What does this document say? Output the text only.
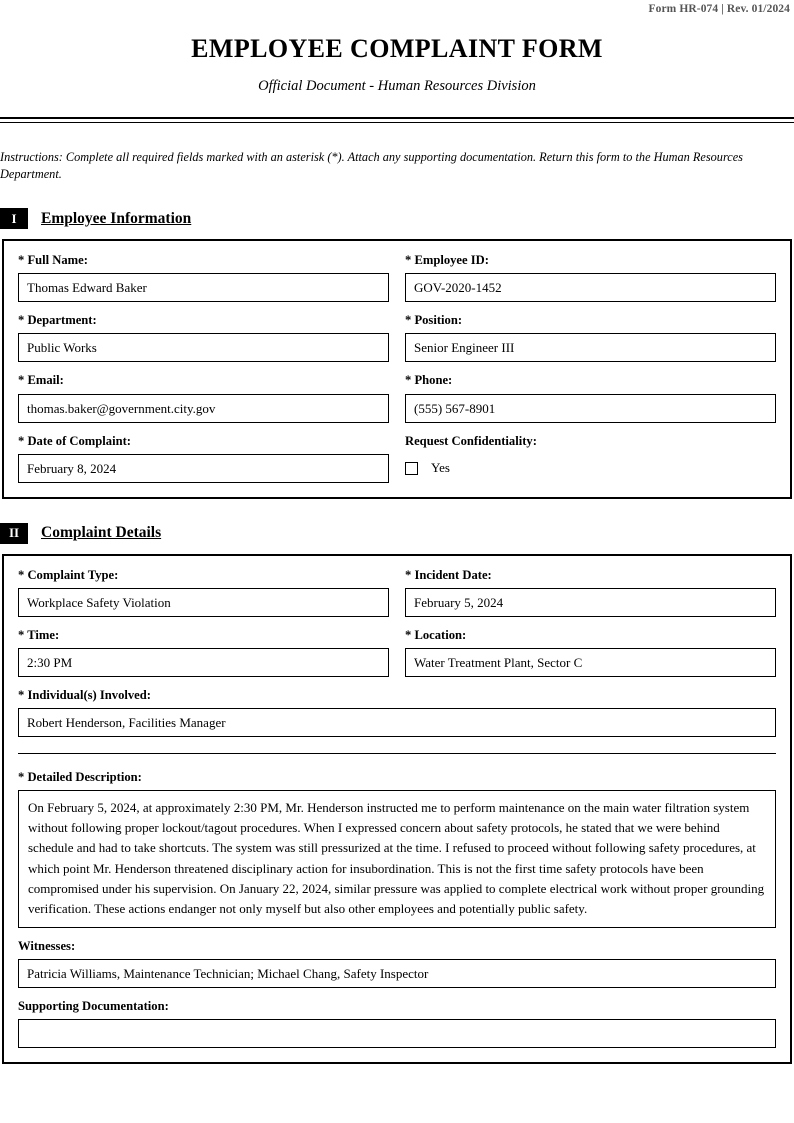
Form HR-074 | Rev. 01/2024
EMPLOYEE COMPLAINT FORM
Official Document - Human Resources Division
Instructions: Complete all required fields marked with an asterisk (*). Attach any supporting documentation. Return this form to the Human Resources Department.
I	Employee Information
* Full Name:
Thomas Edward Baker
* Department:
Public Works
* Email:
thomas.baker@government.city.gov
* Date of Complaint:
February 8, 2024
* Employee ID:
GOV-2020-1452
* Position:
Senior Engineer III
* Phone:
(555) 567-8901
Request Confidentiality:
Yes
II	Complaint Details
* Complaint Type:
Workplace Safety Violation
* Time:
2:30 PM
* Incident Date:
February 5, 2024
* Location:
Water Treatment Plant, Sector C
* Individual(s) Involved:
Robert Henderson, Facilities Manager
* Detailed Description:
On February 5, 2024, at approximately 2:30 PM, Mr. Henderson instructed me to perform maintenance on the main water filtration system without following proper lockout/tagout procedures. When I expressed concern about safety protocols, he stated that we were behind schedule and had to take shortcuts. The system was still pressurized at the time. I refused to proceed without following safety procedures, at which point Mr. Henderson threatened disciplinary action for insubordination. This is not the first time safety protocols have been compromised under his supervision. On January 22, 2024, similar pressure was applied to complete electrical work without proper grounding verification. These actions endanger not only myself but also other employees and potentially public safety.
Witnesses:
Patricia Williams, Maintenance Technician; Michael Chang, Safety Inspector
Supporting Documentation:
